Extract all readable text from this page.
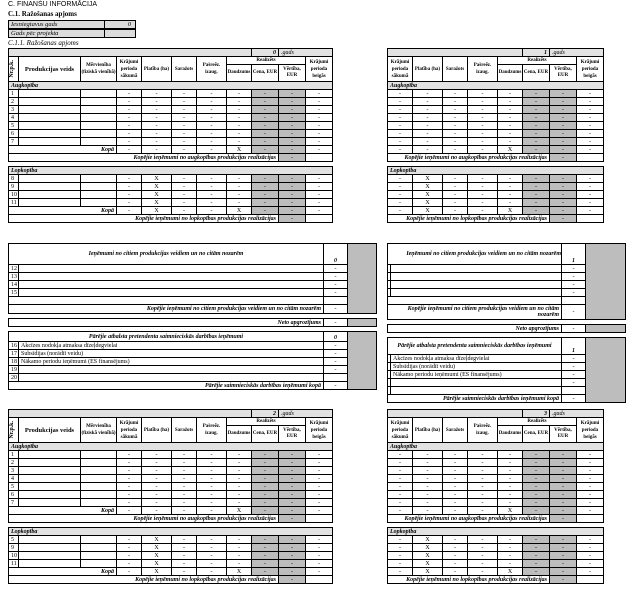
C. FINANŠU INFORMĀCIJA
C.1. Ražošanas apjoms
Iesniegtavus gads	0
Gads pēc projekta
C.1.1. Ražošanas apjoms
								0	.gads	

Nr.p.k.	Produkcijas veids	Mērvienība (fiziskā vienībā)	Krājumi perioda sākumā	Platība (ha)	Saražots	Pašreēz. izaug.	Realizēts			Krājumi perioda beigās
							Daudzums	Cena, EUR	Vērtība, EUR	
Augkopība										
1			-	-	-	-	-	-	-	-
2			-	-	-	-	-	-	-	-
3			-	-	-	-	-	-	-	-
4			-	-	-	-	-	-	-	-
5			-	-	-	-	-	-	-	-
6			-	-	-	-	-	-	-	-
7			-	-	-	-	-	-	-	-
Kopā			-	-	-	-	X	-	-	-
Kopējie ieņēmumi no augkopības produkcijas realizācijas									-	

Lopkopība										
8			-	X	-	-	-	-	-	-
9			-	X	-	-	-	-	-	-
10			-	X	-	-	-	-	-	-
11			-	X	-	-	-	-	-	-
Kopā			-	X	-	-	X	-	-	-
Kopējie ieņēmumi no lopkopības produkcijas realizācijas									-	
					1	.gads	
Krājumi perioda sākumā	Platība (ha)	Saražots	Pašreēz. izaug.	Realizēts			Krājumi perioda beigās
				Daudzums	Cena, EUR	Vērtība, EUR	
Augkopība							
-	-	-	-	-	-	-	-
-	-	-	-	-	-	-	-
-	-	-	-	-	-	-	-
-	-	-	-	-	-	-	-
-	-	-	-	-	-	-	-
-	-	-	-	-	-	-	-
-	-	-	-	-	-	-	-
-	-	-	-	X	-	-	-
Kopējie ieņēmumi no augkopības produkcijas realizācijas						-	

Lopkopība							
-	X	-	-	-	-	-	-
-	X	-	-	-	-	-	-
-	X	-	-	-	-	-	-
-	X	-	-	-	-	-	-
-	X	-	-	X	-	-	-
Kopējie ieņēmumi no lopkopības produkcijas realizācijas						-	
Ieņēmumi no citiem produkcijas veidiem un no citām nozarēm		0	
12		-	
13		-	
14		-	
15		-	

Kopējie ieņēmumi no citiem produkcijas veidiem un no citām nozarēm		-	

Neto apgrozījums		-	

Pārējie atbalsta pretendenta saimnieciskās darbības ieņēmumi		0	
16	Akcīzes nodokļa atmaksa dīzeļdegvielai	-	
17	Subsīdijas (norādīt veidu)	-	
18	Nākamo periodu ieņēmumi (ES finansējums)	-	
19		-	
20			
Pārējie saimnieciskās darbības ieņēmumi kopā		-	
Ieņēmumi no citiem produkcijas veidiem un no citām nozarēm		1	
		-	
		-	
		-	
		-	

Kopējie ieņēmumi no citiem produkcijas veidiem un no citām nozarēm		-	

Neto apgrozījums		-	

Pārējie atbalsta pretendenta saimnieciskās darbības ieņēmumi		1	
	Akcīzes nodokļa atmaksa dīzeļdegvielai	-	
	Subsīdijas (norādīt veidu)	-	
	Nākamo periodu ieņēmumi (ES finansējums)	-	
		-	

Pārējie saimnieciskās darbības ieņēmumi kopā		-	
								2	.gads	

Nr.p.k.	Produkcijas veids	Mērvienība (fiziskā vienībā)	Krājumi perioda sākumā	Platība (ha)	Saražots	Pašreēz. izaug.	Realizēts			Krājumi perioda beigās
							Daudzums	Cena, EUR	Vērtība, EUR	
Augkopība										
1			-	-	-	-	-	-	-	-
2			-	-	-	-	-	-	-	-
3			-	-	-	-	-	-	-	-
4			-	-	-	-	-	-	-	-
5			-	-	-	-	-	-	-	-
6			-	-	-	-	-	-	-	-
7			-	-	-	-	-	-	-	-
Kopā			-	-	-	-	X	-	-	-
Kopējie ieņēmumi no augkopības produkcijas realizācijas									-	

Lopkopība										
5			-	X	-	-	-	-	-	-
9			-	X	-	-	-	-	-	-
10			-	X	-	-	-	-	-	-
11			-	X	-	-	-	-	-	-
Kopā			-	X	-	-	X	-	-	-
Kopējie ieņēmumi no lopkopības produkcijas realizācijas									-	
					3	.gads	
Krājumi perioda sākumā	Platība (ha)	Saražots	Pašreēz. izaug.	Realizēts			Krājumi perioda beigās
				Daudzums	Cena, EUR	Vērtība, EUR	
Augkopība							
-	-	-	-	-	-	-	-
-	-	-	-	-	-	-	-
-	-	-	-	-	-	-	-
-	-	-	-	-	-	-	-
-	-	-	-	-	-	-	-
-	-	-	-	-	-	-	-
-	-	-	-	-	-	-	-
-	-	-	-	X	-	-	-
Kopējie ieņēmumi no augkopības produkcijas realizācijas						-	

Lopkopība							
-	X	-	-	-	-	-	-
-	X	-	-	-	-	-	-
-	X	-	-	-	-	-	-
-	X	-	-	-	-	-	-
-	X	-	-	X	-	-	-
Kopējie ieņēmumi no lopkopības produkcijas realizācijas						-	
